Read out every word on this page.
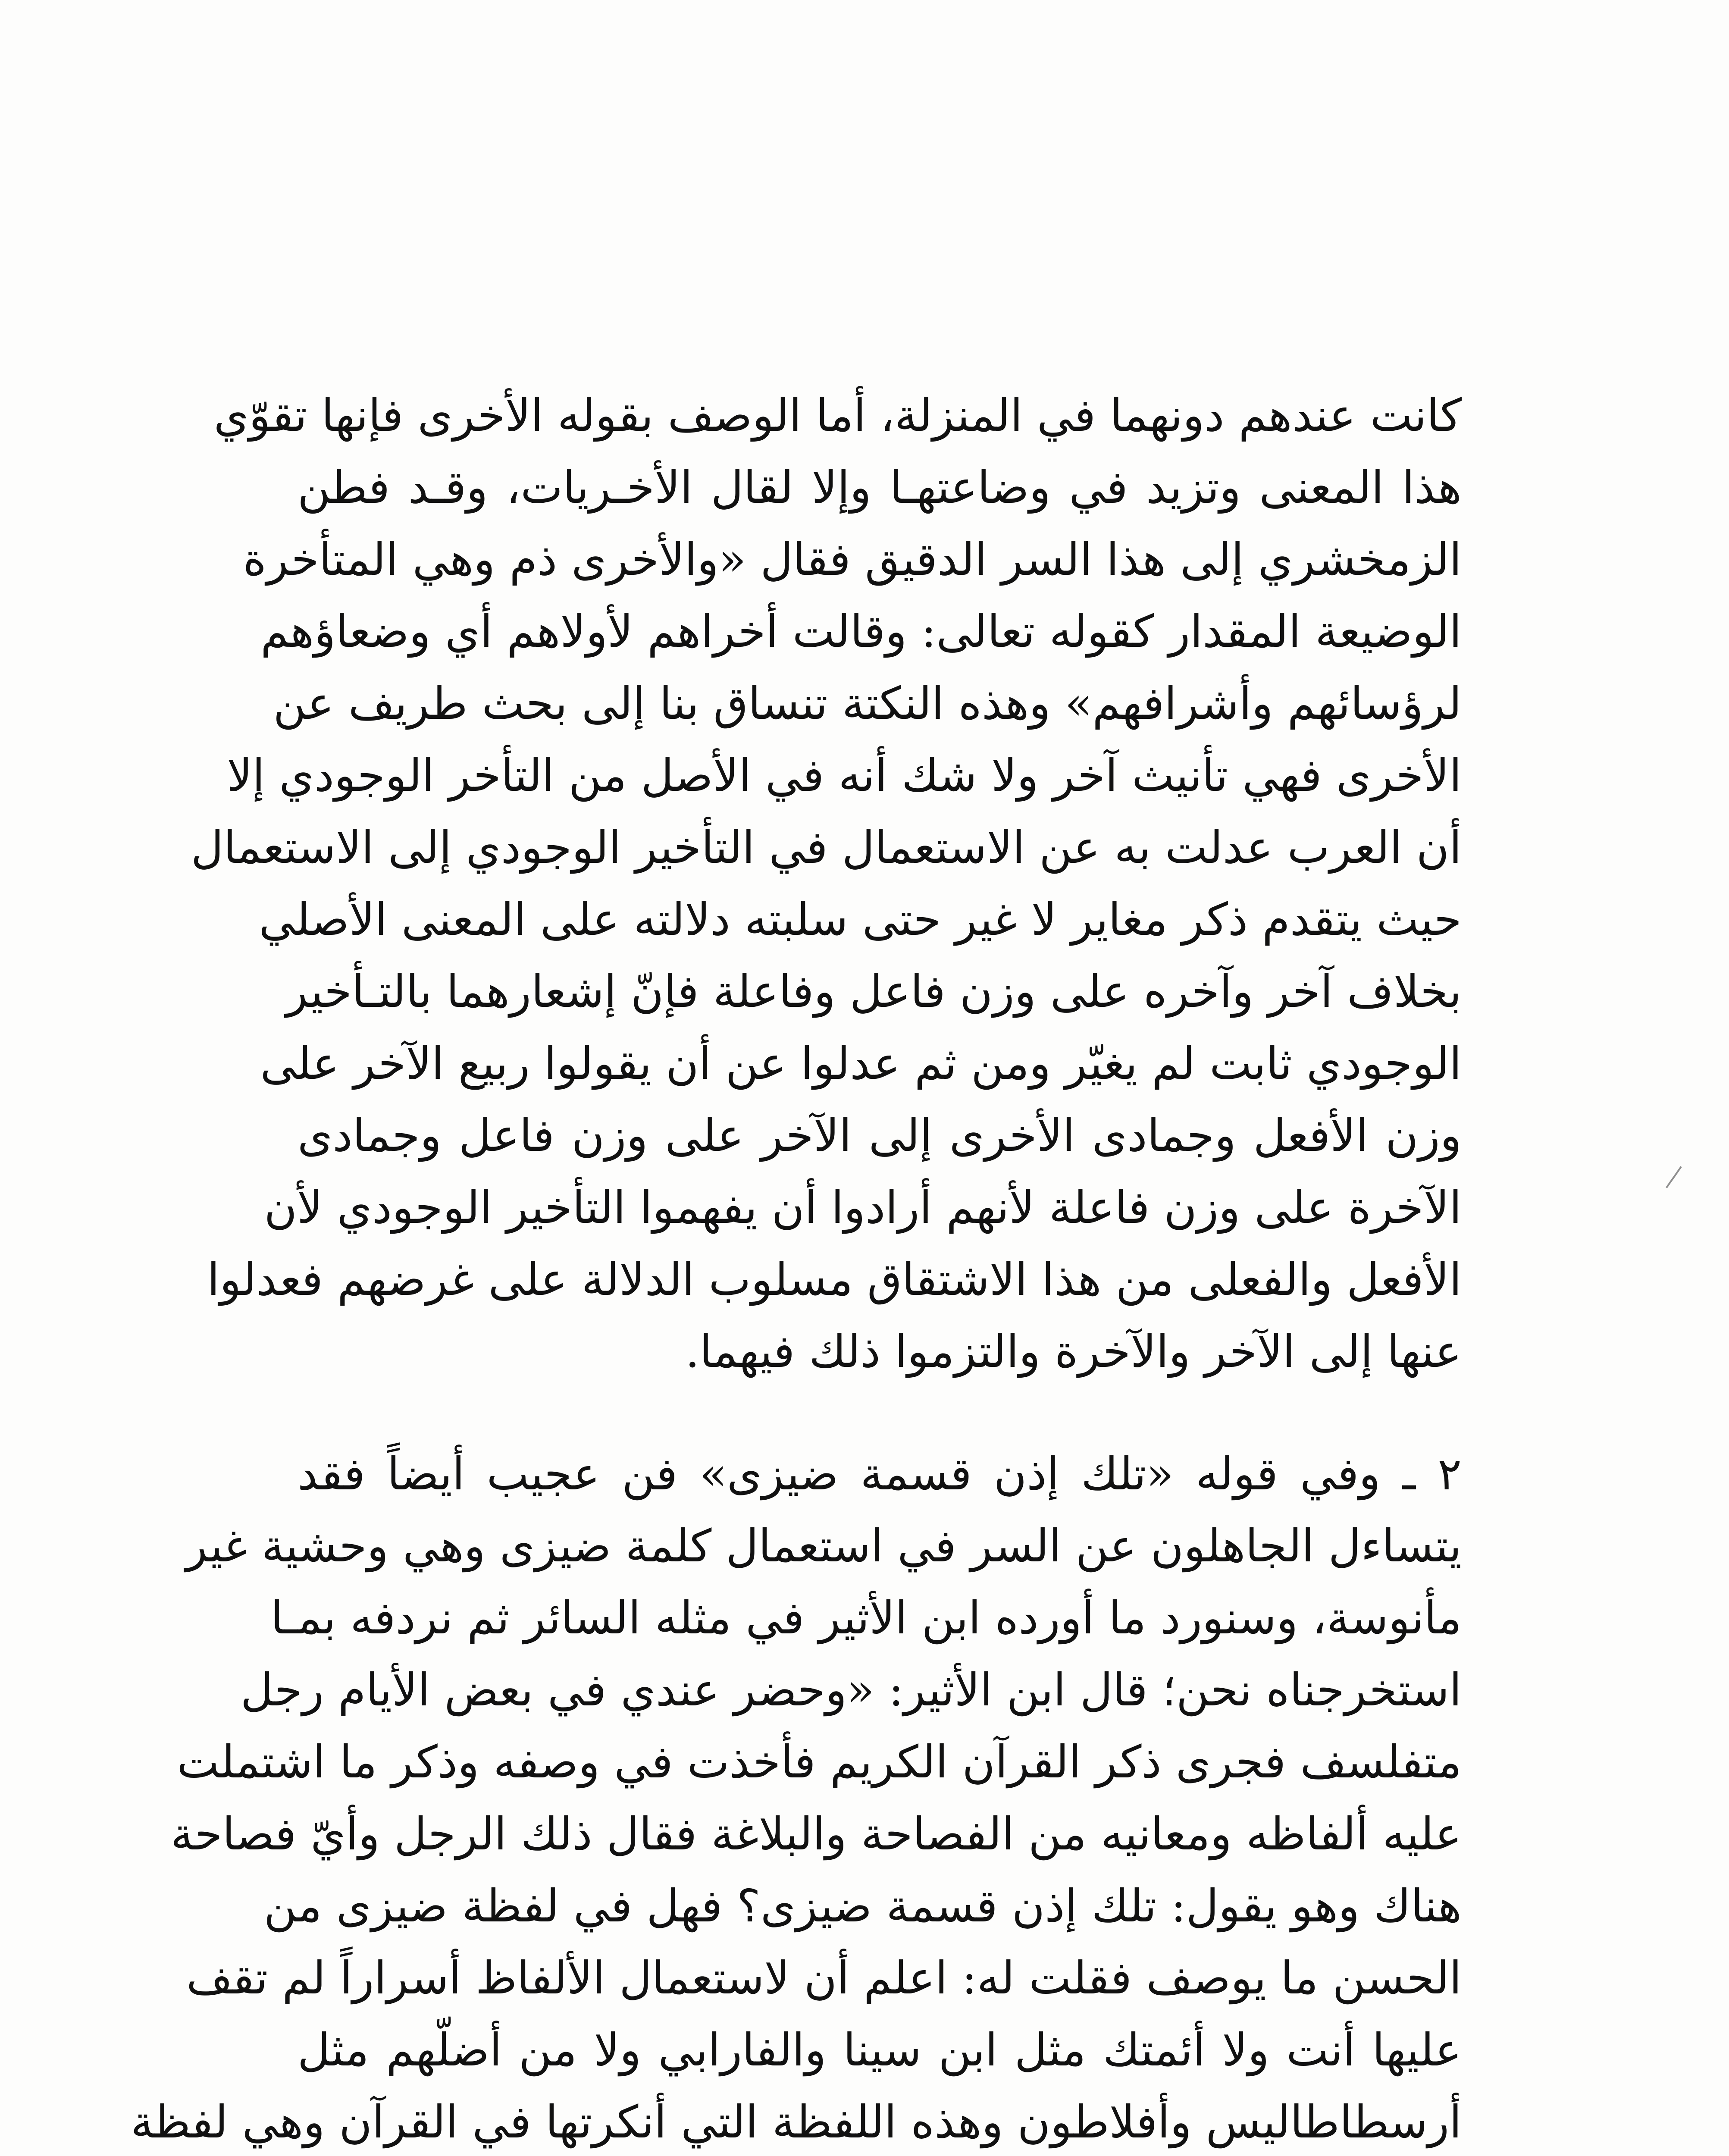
كانت عندهم دونهما في المنزلة، أما الوصف بقوله الأخرى فإنها تقوّي
هذا المعنى وتزيد في وضاعتهـا وإلا لقال الأخـريات، وقـد فطن
الزمخشري إلى هذا السر الدقيق فقال «والأخرى ذم وهي المتأخرة
الوضيعة المقدار كقوله تعالى: وقالت أخراهم لأولاهم أي وضعاؤهم
لرؤسائهم وأشرافهم» وهذه النكتة تنساق بنا إلى بحث طريف عن
الأخرى فهي تأنيث آخر ولا شك أنه في الأصل من التأخر الوجودي إلا
أن العرب عدلت به عن الاستعمال في التأخير الوجودي إلى الاستعمال
حيث يتقدم ذكر مغاير لا غير حتى سلبته دلالته على المعنى الأصلي
بخلاف آخر وآخره على وزن فاعل وفاعلة فإنّ إشعارهما بالتـأخير
الوجودي ثابت لم يغيّر ومن ثم عدلوا عن أن يقولوا ربيع الآخر على
وزن الأفعل وجمادى الأخرى إلى الآخر على وزن فاعل وجمادى
الآخرة على وزن فاعلة لأنهم أرادوا أن يفهموا التأخير الوجودي لأن
الأفعل والفعلى من هذا الاشتقاق مسلوب الدلالة على غرضهم فعدلوا
عنها إلى الآخر والآخرة والتزموا ذلك فيهما.
٢ ـ وفي قوله «تلك إذن قسمة ضيزى» فن عجيب أيضاً فقد
يتساءل الجاهلون عن السر في استعمال كلمة ضيزى وهي وحشية غير
مأنوسة، وسنورد ما أورده ابن الأثير في مثله السائر ثم نردفه بمـا
استخرجناه نحن؛ قال ابن الأثير: «وحضر عندي في بعض الأيام رجل
متفلسف فجرى ذكر القرآن الكريم فأخذت في وصفه وذكر ما اشتملت
عليه ألفاظه ومعانيه من الفصاحة والبلاغة فقال ذلك الرجل وأيّ فصاحة
هناك وهو يقول: تلك إذن قسمة ضيزى؟ فهل في لفظة ضيزى من
الحسن ما يوصف فقلت له: اعلم أن لاستعمال الألفاظ أسراراً لم تقف
عليها أنت ولا أئمتك مثل ابن سينا والفارابي ولا من أضلّهم مثل
أرسطاطاليس وأفلاطون وهذه اللفظة التي أنكرتها في القرآن وهي لفظة
